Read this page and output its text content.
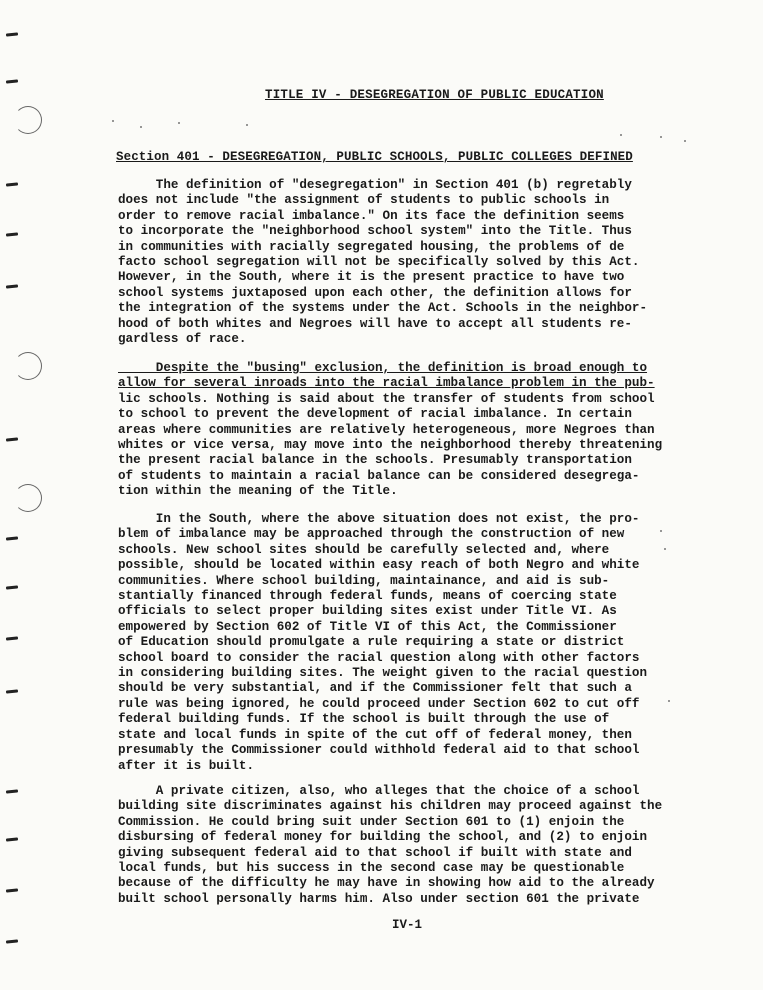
TITLE IV - DESEGREGATION OF PUBLIC EDUCATION
Section 401 - DESEGREGATION, PUBLIC SCHOOLS, PUBLIC COLLEGES DEFINED
The definition of "desegregation" in Section 401 (b) regretably
does not include "the assignment of students to public schools in
order to remove racial imbalance." On its face the definition seems
to incorporate the "neighborhood school system" into the Title. Thus
in communities with racially segregated housing, the problems of de
facto school segregation will not be specifically solved by this Act.
However, in the South, where it is the present practice to have two
school systems juxtaposed upon each other, the definition allows for
the integration of the systems under the Act. Schools in the neighbor-
hood of both whites and Negroes will have to accept all students re-
gardless of race.
Despite the "busing" exclusion, the definition is broad enough to
allow for several inroads into the racial imbalance problem in the pub-
lic schools. Nothing is said about the transfer of students from school
to school to prevent the development of racial imbalance. In certain
areas where communities are relatively heterogeneous, more Negroes than
whites or vice versa, may move into the neighborhood thereby threatening
the present racial balance in the schools. Presumably transportation
of students to maintain a racial balance can be considered desegrega-
tion within the meaning of the Title.
In the South, where the above situation does not exist, the pro-
blem of imbalance may be approached through the construction of new
schools. New school sites should be carefully selected and, where
possible, should be located within easy reach of both Negro and white
communities. Where school building, maintainance, and aid is sub-
stantially financed through federal funds, means of coercing state
officials to select proper building sites exist under Title VI. As
empowered by Section 602 of Title VI of this Act, the Commissioner
of Education should promulgate a rule requiring a state or district
school board to consider the racial question along with other factors
in considering building sites. The weight given to the racial question
should be very substantial, and if the Commissioner felt that such a
rule was being ignored, he could proceed under Section 602 to cut off
federal building funds. If the school is built through the use of
state and local funds in spite of the cut off of federal money, then
presumably the Commissioner could withhold federal aid to that school
after it is built.
A private citizen, also, who alleges that the choice of a school
building site discriminates against his children may proceed against the
Commission. He could bring suit under Section 601 to (1) enjoin the
disbursing of federal money for building the school, and (2) to enjoin
giving subsequent federal aid to that school if built with state and
local funds, but his success in the second case may be questionable
because of the difficulty he may have in showing how aid to the already
built school personally harms him. Also under section 601 the private
IV-1
